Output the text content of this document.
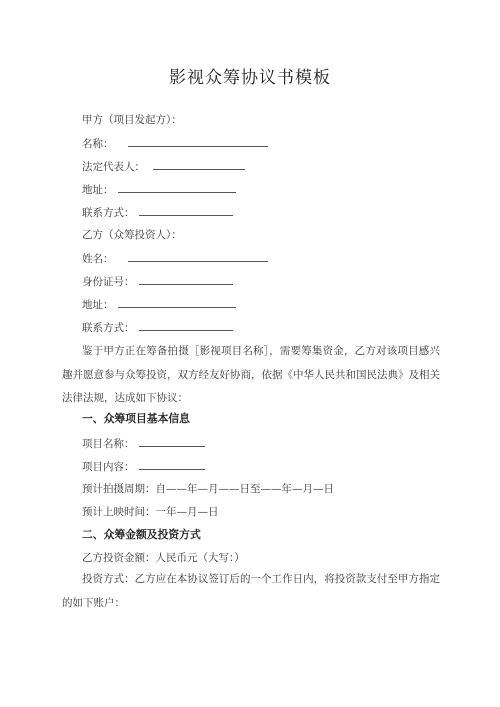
影视众筹协议书模板
甲方（项目发起方）：
名称：
法定代表人：
地址：
联系方式：
乙方（众筹投资人）：
姓名：
身份证号：
地址：
联系方式：
鉴于甲方正在筹备拍摄［影视项目名称］，需要筹集资金，乙方对该项目感兴趣并愿意参与众筹投资，双方经友好协商，依据《中华人民共和国民法典》及相关法律法规，达成如下协议：
一、众筹项目基本信息
项目名称：
项目内容：
预计拍摄周期：自——年—月——日至——年—月—日
预计上映时间：一年—月—日
二、众筹金额及投资方式
乙方投资金额：人民币元（大写：）
投资方式：乙方应在本协议签订后的一个工作日内，将投资款支付至甲方指定的如下账户：
